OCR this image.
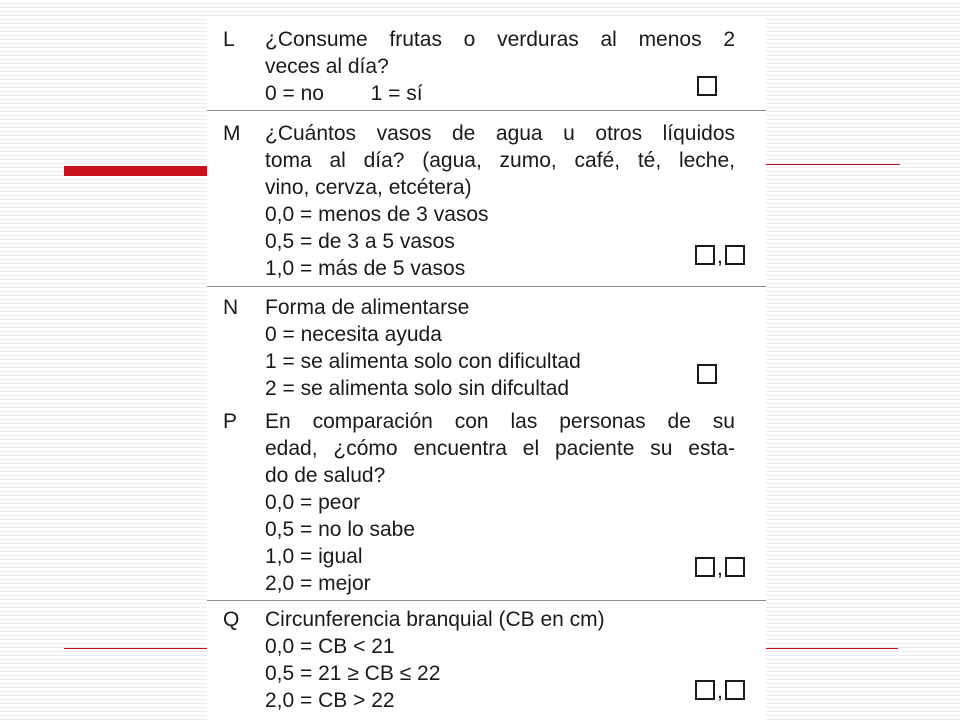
L ¿Consume frutas o verduras al menos 2
veces al día?
0 = no        1 = sí
M ¿Cuántos vasos de agua u otros líquidos
toma al día? (agua, zumo, café, té, leche,
vino, cervza, etcétera)
0,0 = menos de 3 vasos
0,5 = de 3 a 5 vasos
1,0 = más de 5 vasos
,
N Forma de alimentarse
0 = necesita ayuda
1 = se alimenta solo con dificultad
2 = se alimenta solo sin difcultad
P En comparación con las personas de su
edad, ¿cómo encuentra el paciente su esta-
do de salud?
0,0 = peor
0,5 = no lo sabe
1,0 = igual
2,0 = mejor
,
Q Circunferencia branquial (CB en cm)
0,0 = CB < 21
0,5 = 21 ≥ CB ≤ 22
2,0 = CB > 22	,
